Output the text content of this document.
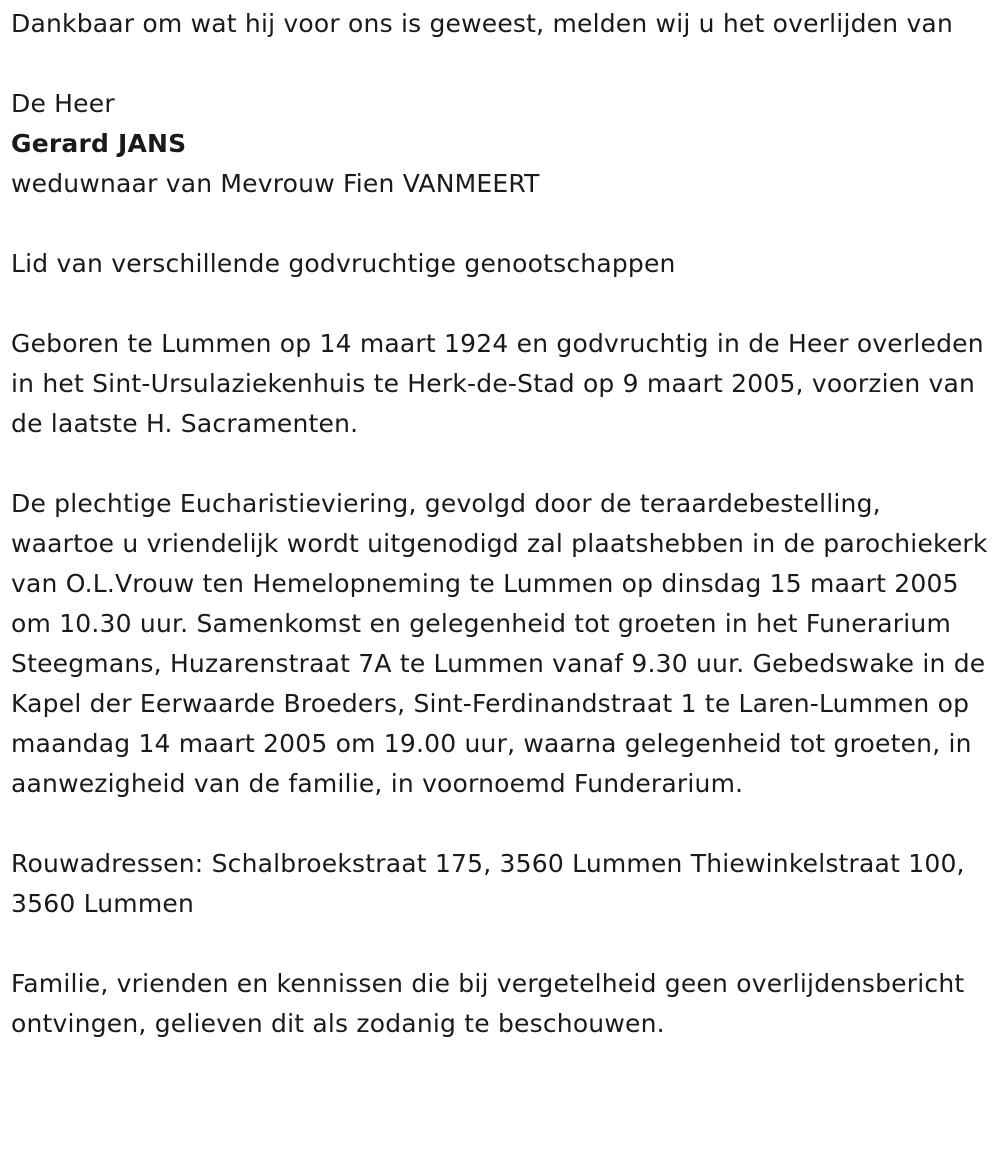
Dankbaar om wat hij voor ons is geweest, melden wij u het overlijden van

De Heer

Gerard JANS

weduwnaar van Mevrouw Fien VANMEERT

Lid van verschillende godvruchtige genootschappen

Geboren te Lummen op 14 maart 1924 en godvruchtig in de Heer overleden in het Sint-Ursulaziekenhuis te Herk-de-Stad op 9 maart 2005, voorzien van de laatste H. Sacramenten.

De plechtige Eucharistieviering, gevolgd door de teraardebestelling, waartoe u vriendelijk wordt uitgenodigd zal plaatshebben in de parochiekerk van O.L.Vrouw ten Hemelopneming te Lummen op dinsdag 15 maart 2005 om 10.30 uur. Samenkomst en gelegenheid tot groeten in het Funerarium Steegmans, Huzarenstraat 7A te Lummen vanaf 9.30 uur. Gebedswake in de Kapel der Eerwaarde Broeders, Sint-Ferdinandstraat 1 te Laren-Lummen op maandag 14 maart 2005 om 19.00 uur, waarna gelegenheid tot groeten, in aanwezigheid van de familie, in voornoemd Funderarium.

Rouwadressen: Schalbroekstraat 175, 3560 Lummen Thiewinkelstraat 100, 3560 Lummen

Familie, vrienden en kennissen die bij vergetelheid geen overlijdensbericht ontvingen, gelieven dit als zodanig te beschouwen.
